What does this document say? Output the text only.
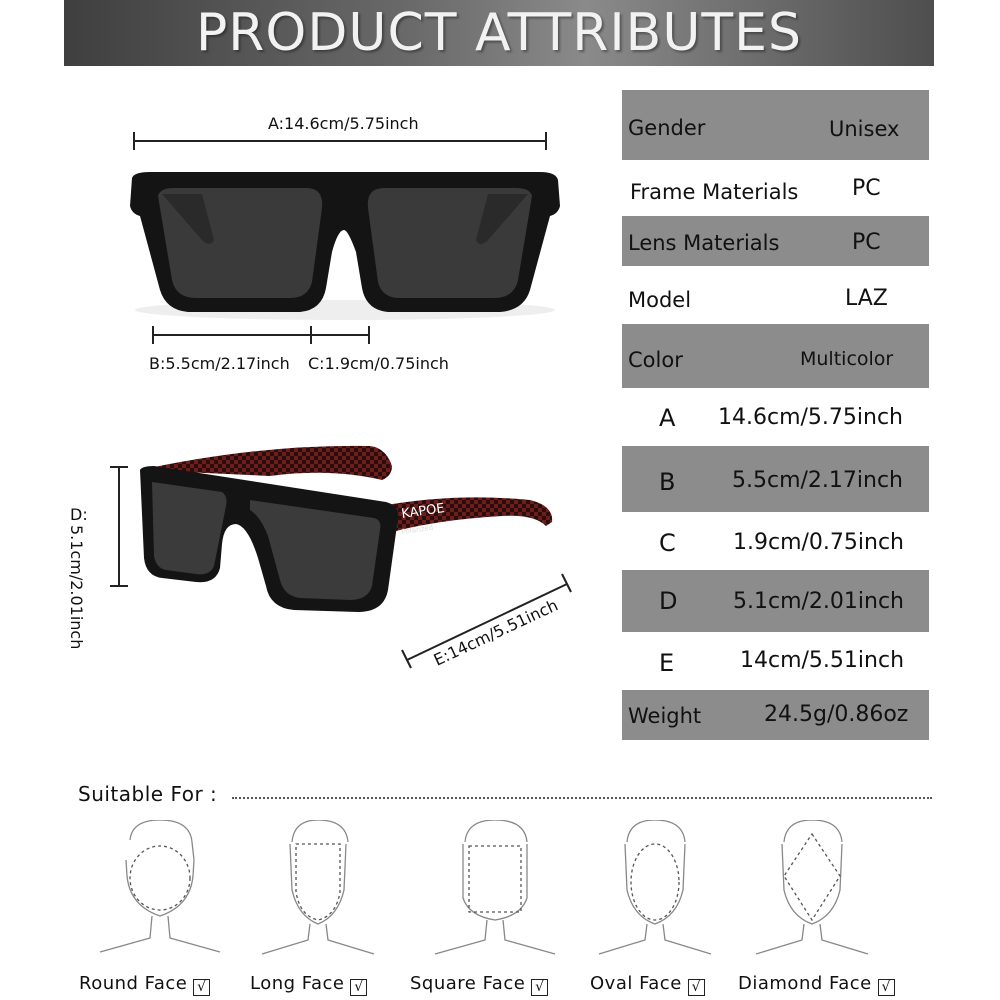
PRODUCT ATTRIBUTES
A:14.6cm/5.75inch
B:5.5cm/2.17inch C:1.9cm/0.75inch
D:
5.1cm/2.01inch
KAPOE
Polarized
E:14cm/5.51inch
Gender	Unisex
Frame Materials PC
Lens Materials	PC
Model	LAZ
Color	Multicolor
A 14.6cm/5.75inch
B	5.5cm/2.17inch
C	1.9cm/0.75inch
D	5.1cm/2.01inch
E	14cm/5.51inch
Weight	24.5g/0.86oz
Suitable For :
Round Face √ Long Face √	Square Face √	Oval Face √ Diamond Face √
